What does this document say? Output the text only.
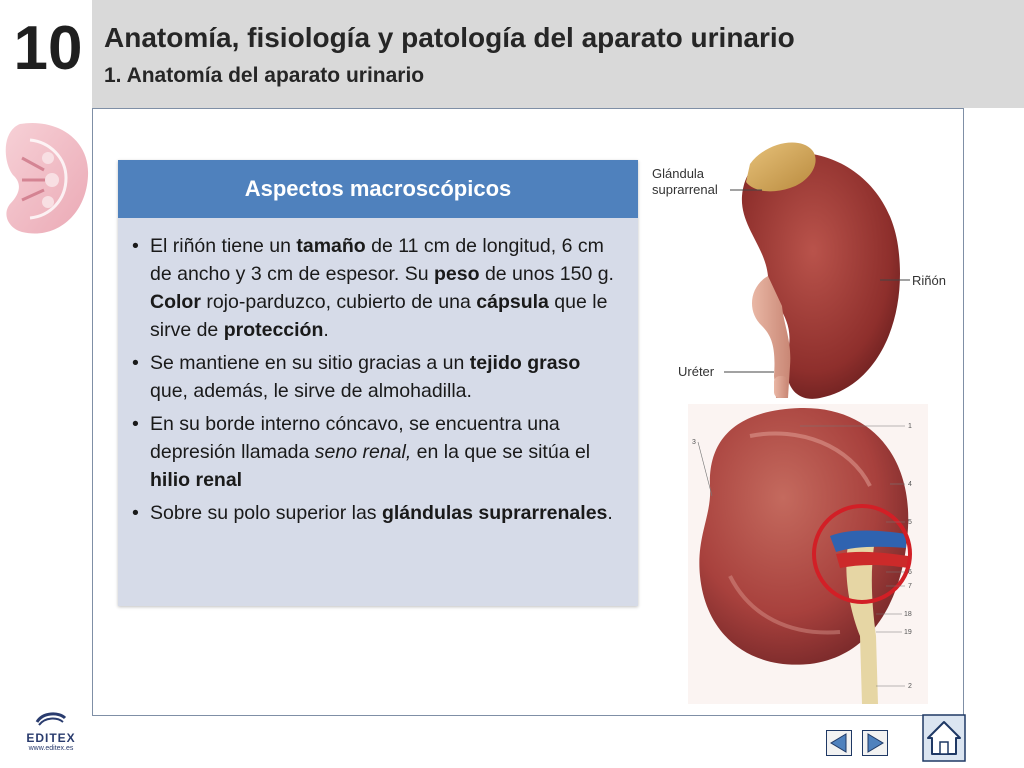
10 Anatomía, fisiología y patología del aparato urinario
1. Anatomía del aparato urinario
Aspectos macroscópicos
• El riñón tiene un tamaño de 11 cm de longitud, 6 cm de ancho y 3 cm de espesor. Su peso de unos 150 g. Color rojo-parduzco, cubierto de una cápsula que le sirve de protección.
• Se mantiene en su sitio gracias a un tejido graso que, además, le sirve de almohadilla.
• En su borde interno cóncavo, se encuentra una depresión llamada seno renal, en la que se sitúa el hilio renal
• Sobre su polo superior las glándulas suprarrenales.
Glándula
suprarrenal
Riñón
Uréter
1
3
4
5
6
7
18
19
2
EDITEX
www.editex.es
